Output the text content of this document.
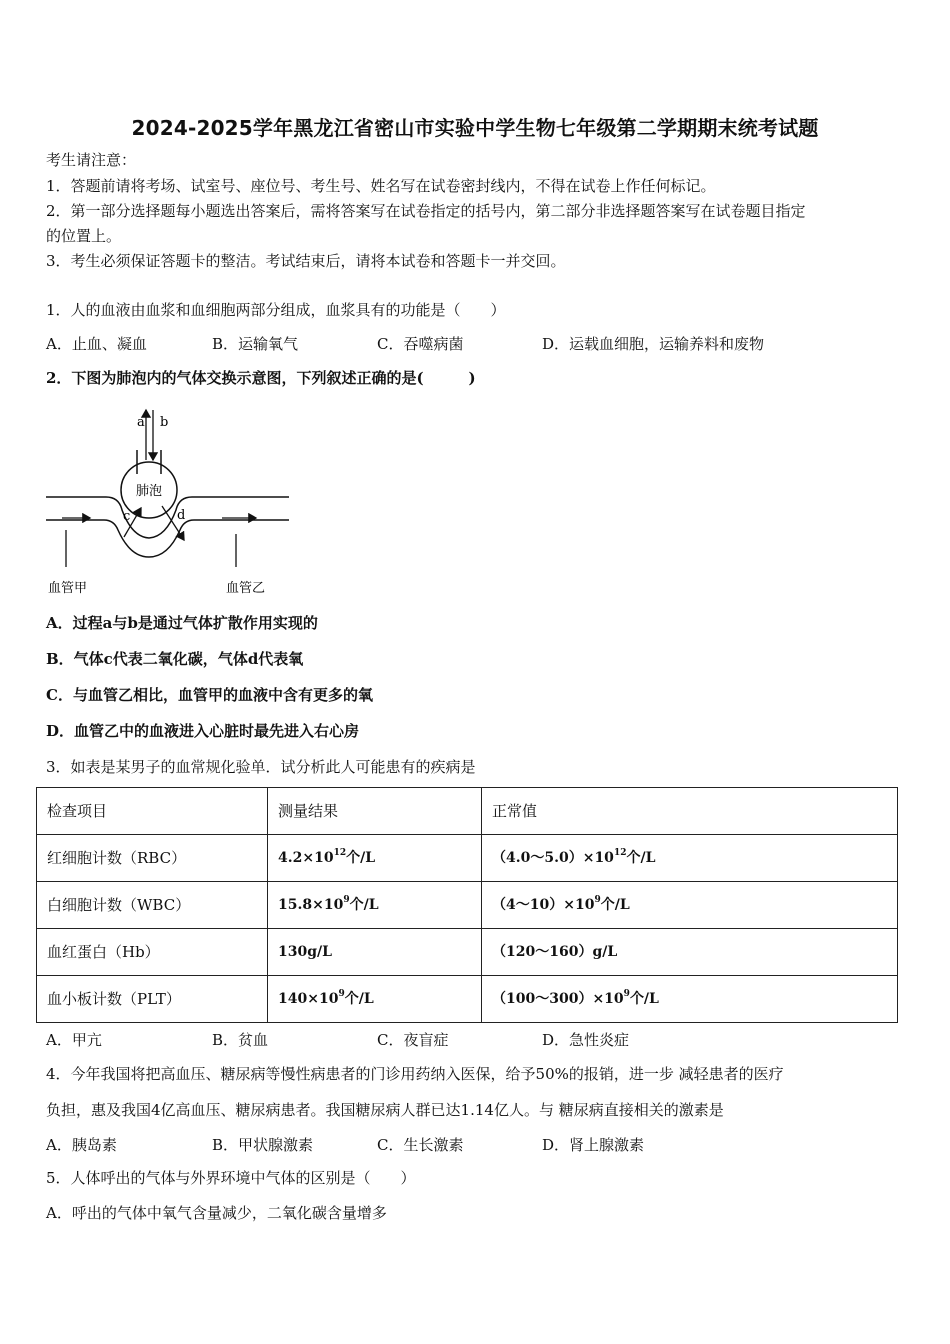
2024-2025学年黑龙江省密山市实验中学生物七年级第二学期期末统考试题
考生请注意：
1．答题前请将考场、试室号、座位号、考生号、姓名写在试卷密封线内，不得在试卷上作任何标记。
2．第一部分选择题每小题选出答案后，需将答案写在试卷指定的括号内，第二部分非选择题答案写在试卷题目指定
的位置上。
3．考生必须保证答题卡的整洁。考试结束后，请将本试卷和答题卡一并交回。
1．人的血液由血浆和血细胞两部分组成，血浆具有的功能是（　　）
A．止血、凝血	B．运输氧气	C．吞噬病菌	D．运载血细胞，运输养料和废物
2．下图为肺泡内的气体交换示意图，下列叙述正确的是(　　　)
肺泡
a b
c	d
血管甲	血管乙
A．过程a与b是通过气体扩散作用实现的
B．气体c代表二氧化碳，气体d代表氧
C．与血管乙相比，血管甲的血液中含有更多的氧
D．血管乙中的血液进入心脏时最先进入右心房
3．如表是某男子的血常规化验单．试分析此人可能患有的疾病是
检查项目	测量结果	正常值
红细胞计数（RBC）	$4.2\times 10^{12}$个/L	$(4.0\sim 5.0)\times 10^{12}$个/L
白细胞计数（WBC）	$15.8\times 10^9$个/L	$(4\sim 10)\times 10^9$个/L
血红蛋白（Hb）	130g/L	（120～160）g/L
血小板计数（PLT）	$140\times 10^9$个/L	$(100\sim 300)\times 10^9$个/L
A．甲亢	B．贫血	C．夜盲症	D．急性炎症
4．今年我国将把高血压、糖尿病等慢性病患者的门诊用药纳入医保，给予50%的报销，进一步 减轻患者的医疗
负担，惠及我国4亿高血压、糖尿病患者。我国糖尿病人群已达1.14亿人。与 糖尿病直接相关的激素是
A．胰岛素	B．甲状腺激素	C．生长激素	D．肾上腺激素
5．人体呼出的气体与外界环境中气体的区别是（　　）
A．呼出的气体中氧气含量减少，二氧化碳含量增多
